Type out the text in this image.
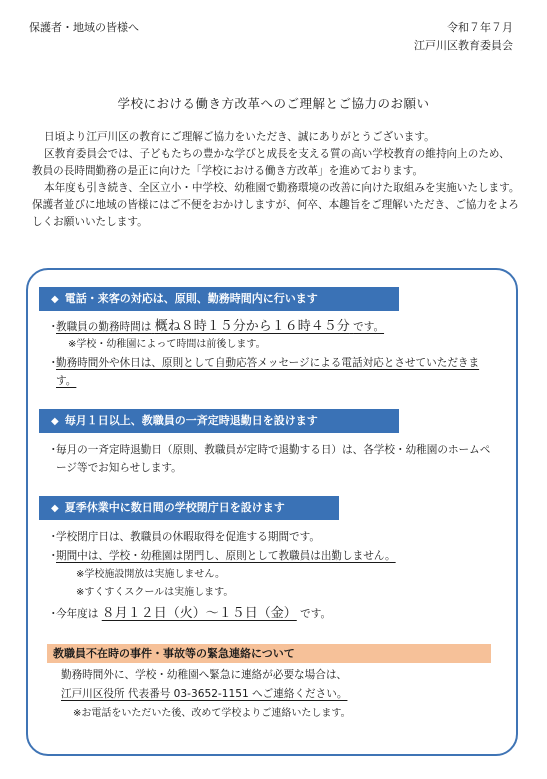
保護者・地域の皆様へ	令和７年７月
江戸川区教育委員会
学校における働き方改革へのご理解とご協力のお願い

日頃より江戸川区の教育にご理解ご協力をいただき、誠にありがとうございます。

区教育委員会では、子どもたちの豊かな学びと成長を支える質の高い学校教育の維持向上のため、教員の長時間勤務の是正に向けた「学校における働き方改革」を進めております。

本年度も引き続き、全区立小・中学校、幼稚園で勤務環境の改善に向けた取組みを実施いたします。保護者並びに地域の皆様にはご不便をおかけしますが、何卒、本趣旨をご理解いただき、ご協力をよろしくお願いいたします。

◆ 電話・来客の対応は、原則、勤務時間内に行います
・
教職員の勤務時間は 概ね８時１５分から１６時４５分 です。
※学校・幼稚園によって時間は前後します。
・
勤務時間外や休日は、原則として自動応答メッセージによる電話対応とさせていただきます。
◆ 毎月１日以上、教職員の一斉定時退勤日を設けます
・
毎月の一斉定時退勤日（原則、教職員が定時で退勤する日）は、各学校・幼稚園のホームページ等でお知らせします。
◆ 夏季休業中に数日間の学校閉庁日を設けます
・
学校閉庁日は、教職員の休暇取得を促進する期間です。
・
期間中は、学校・幼稚園は閉門し、原則として教職員は出勤しません。
※学校施設開放は実施しません。
※すくすくスクールは実施します。
・
今年度は ８月１２日（火）～１５日（金） です。
教職員不在時の事件・事故等の緊急連絡について
勤務時間外に、学校・幼稚園へ緊急に連絡が必要な場合は、
江戸川区役所 代表番号 03-3652-1151 へご連絡ください。
※お電話をいただいた後、改めて学校よりご連絡いたします。
